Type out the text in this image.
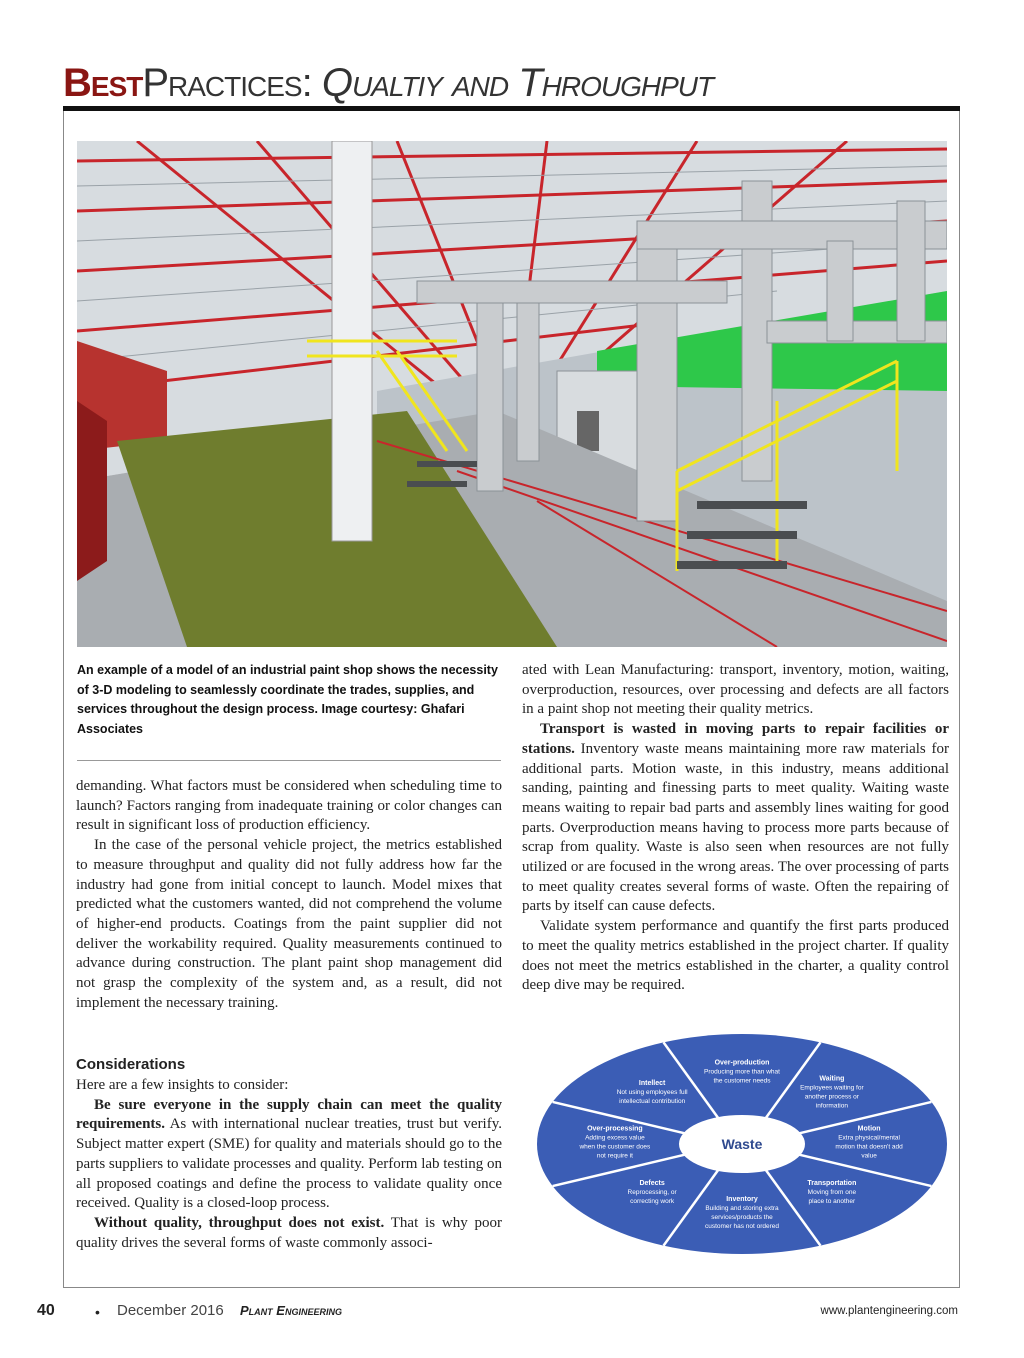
BestPractices: Qualtiy and Throughput

An example of a model of an industrial paint shop shows the necessity of 3-D modeling to seamlessly coordinate the trades, supplies, and services throughout the design process. Image courtesy: Ghafari Associates

demanding. What factors must be considered when scheduling time to launch? Factors ranging from inadequate training or color changes can result in significant loss of production efficiency.

In the case of the personal vehicle project, the metrics established to measure throughput and quality did not fully address how far the industry had gone from initial concept to launch. Model mixes that predicted what the customers wanted, did not comprehend the volume of higher-end products. Coatings from the paint supplier did not deliver the workability required. Quality measurements continued to advance during construction. The plant paint shop management did not grasp the complexity of the system and, as a result, did not implement the necessary training.

Considerations

Here are a few insights to consider:

Be sure everyone in the supply chain can meet the quality requirements. As with international nuclear treaties, trust but verify. Subject matter expert (SME) for quality and materials should go to the parts suppliers to validate processes and quality. Perform lab testing on all proposed coatings and define the process to validate quality once received. Quality is a closed-loop process.

Without quality, throughput does not exist. That is why poor quality drives the several forms of waste commonly associ-

ated with Lean Manufacturing: transport, inventory, motion, waiting, overproduction, resources, over processing and defects are all factors in a paint shop not meeting their quality metrics.

Transport is wasted in moving parts to repair facilities or stations. Inventory waste means maintaining more raw materials for additional parts. Motion waste, in this industry, means additional sanding, painting and finessing parts to meet quality. Waiting waste means waiting to repair bad parts and assembly lines waiting for good parts. Overproduction means having to process more parts because of scrap from quality. Waste is also seen when resources are not fully utilized or are focused in the wrong areas. The over processing of parts to meet quality creates several forms of waste. Often the repairing of parts by itself can cause defects.

Validate system performance and quantify the first parts produced to meet the quality metrics established in the project charter. If quality does not meet the metrics established in the charter, a quality control deep dive may be required.

Waste
Over-production
Producing more than what
the customer needs	Waiting
Employees waiting for
another process or
information
Motion
Extra physical/mental
motion that doesn't add
value
Transportation
Moving from one
place to another
Inventory
Building and storing extra
services/products the
customer has not ordered
Defects
Reprocessing, or
correcting work
Over-processing
Adding excess value
when the customer does
not require it
Intellect
Not using employees full
intellectual contribution
40	• December 2016 Plant Engineering	www.plantengineering.com
